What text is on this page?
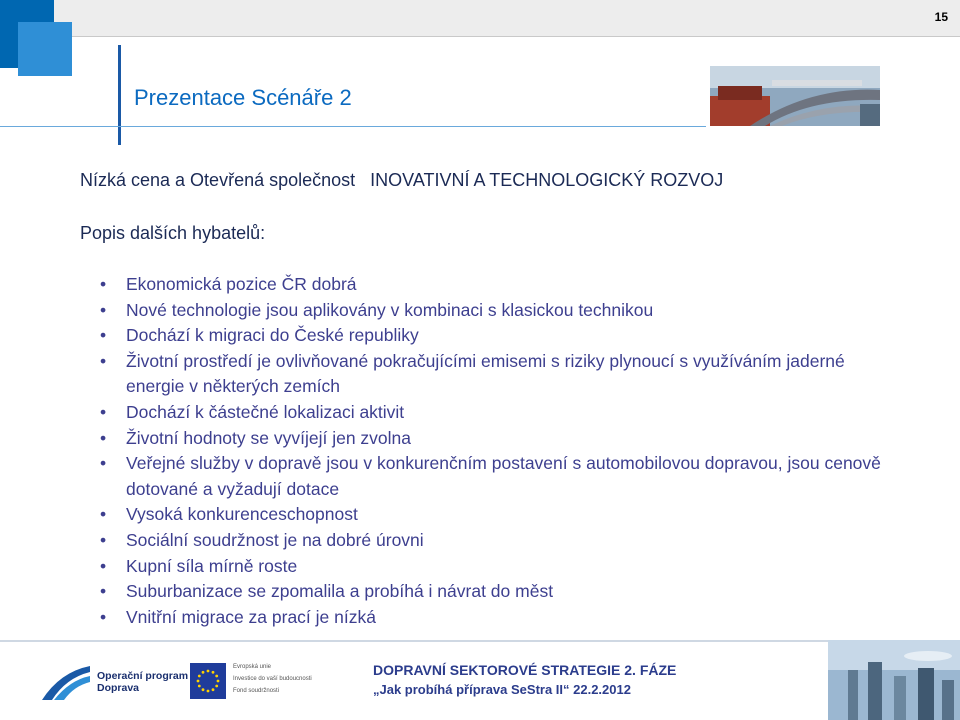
15
Prezentace Scénáře 2
Nízká cena a Otevřená společnost INOVATIVNÍ A TECHNOLOGICKÝ ROZVOJ
Popis dalších hybatelů:
• Ekonomická pozice ČR dobrá
• Nové technologie jsou aplikovány v kombinaci s klasickou technikou
• Dochází k migraci do České republiky
• Životní prostředí je ovlivňované pokračujícími emisemi s riziky plynoucí s využíváním jaderné energie v některých zemích
• Dochází k částečné lokalizaci aktivit
• Životní hodnoty se vyvíjejí jen zvolna
• Veřejné služby v dopravě jsou v konkurenčním postavení s automobilovou dopravou, jsou cenově dotované a vyžadují dotace
• Vysoká konkurenceschopnost
• Sociální soudržnost je na dobré úrovni
• Kupní síla mírně roste
• Suburbanizace se zpomalila a probíhá i návrat do měst
• Vnitřní migrace za prací je nízká
Operační program
Doprava
Evropská unie
Investice do vaší budoucnosti
Fond soudržnosti
DOPRAVNÍ SEKTOROVÉ STRATEGIE 2. FÁZE
„Jak probíhá příprava SeStra II“ 22.2.2012
